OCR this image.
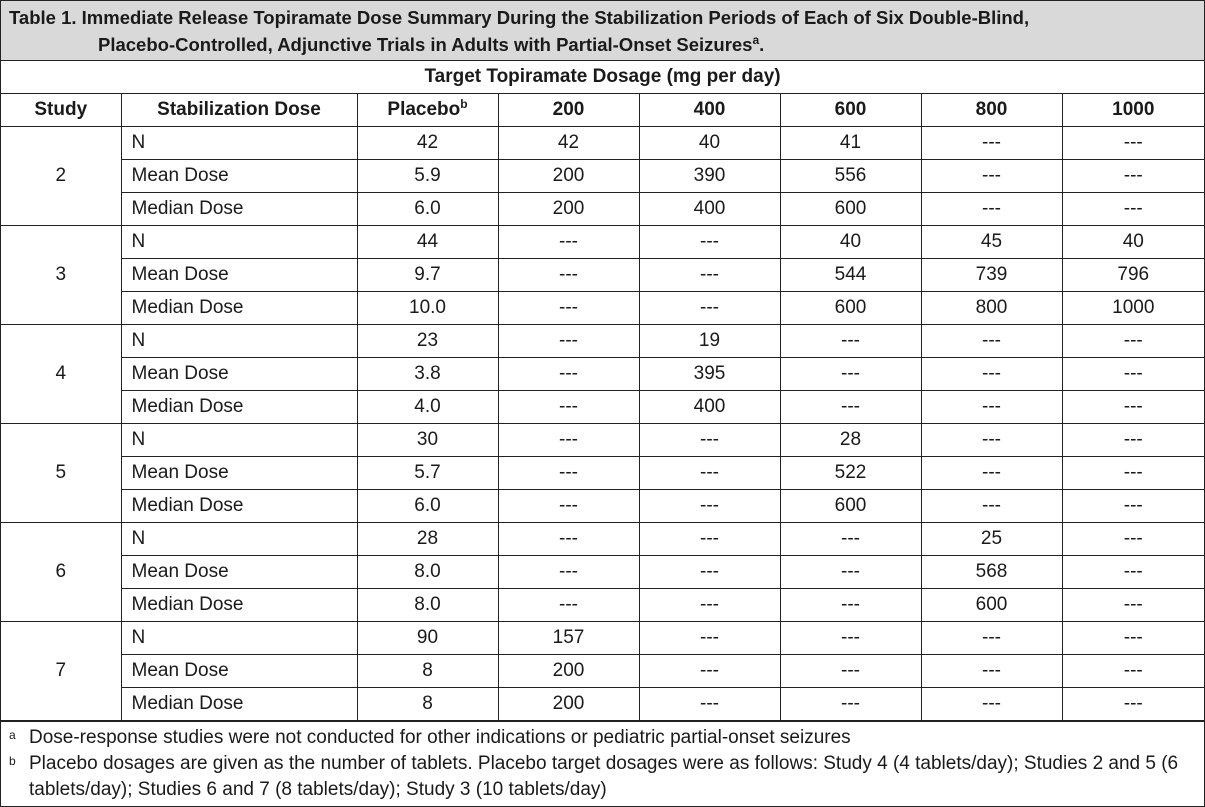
Table 1. Immediate Release Topiramate Dose Summary During the Stabilization Periods of Each of Six Double-Blind,
Placebo-Controlled, Adjunctive Trials in Adults with Partial-Onset Seizures$^a$.
Target Topiramate Dosage (mg per day)							
Study	Stabilization Dose	Placebo$^b$	200	400	600	800	1000
2	N	42	42	40	41	---	---
	Mean Dose	5.9	200	390	556	---	---
	Median Dose	6.0	200	400	600	---	---
3	N	44	---	---	40	45	40
	Mean Dose	9.7	---	---	544	739	796
	Median Dose	10.0	---	---	600	800	1000
4	N	23	---	19	---	---	---
	Mean Dose	3.8	---	395	---	---	---
	Median Dose	4.0	---	400	---	---	---
5	N	30	---	---	28	---	---
	Mean Dose	5.7	---	---	522	---	---
	Median Dose	6.0	---	---	600	---	---
6	N	28	---	---	---	25	---
	Mean Dose	8.0	---	---	---	568	---
	Median Dose	8.0	---	---	---	600	---
7	N	90	157	---	---	---	---
	Mean Dose	8	200	---	---	---	---
	Median Dose	8	200	---	---	---	---
a Dose-response studies were not conducted for other indications or pediatric partial-onset seizures
b Placebo dosages are given as the number of tablets. Placebo target dosages were as follows: Study 4 (4 tablets/day); Studies 2 and 5 (6 tablets/day); Studies 6 and 7 (8 tablets/day); Study 3 (10 tablets/day)
